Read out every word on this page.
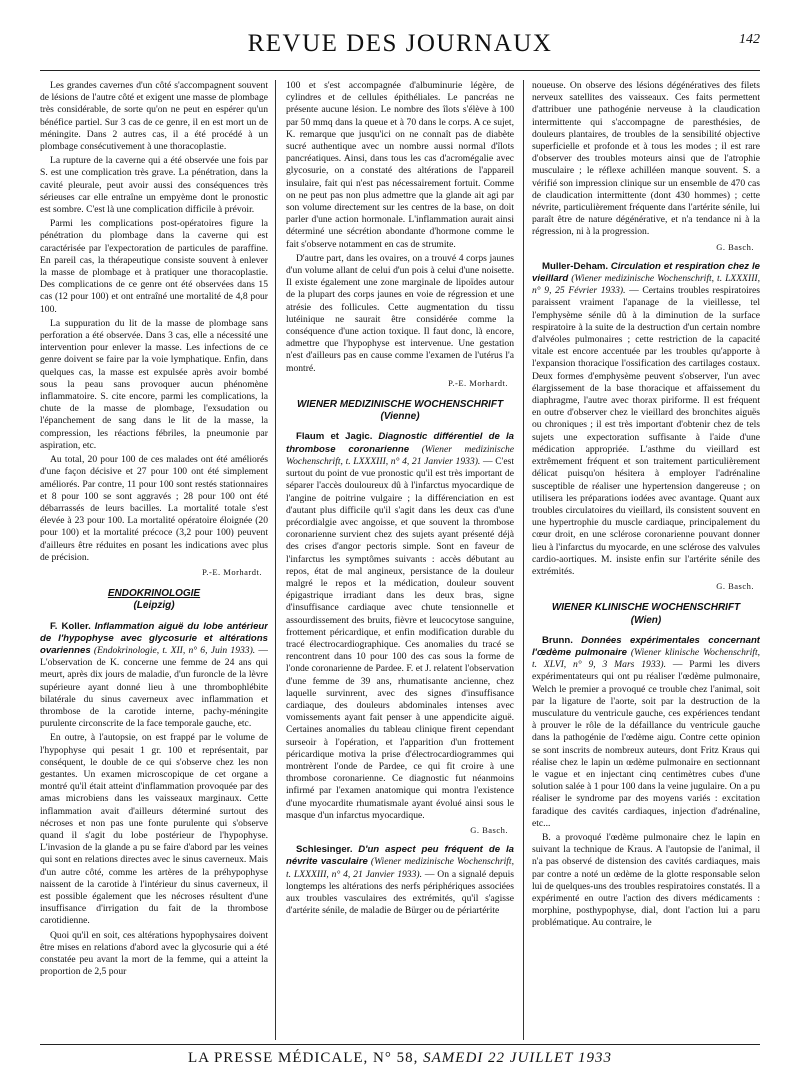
REVUE DES JOURNAUX	142

Les grandes cavernes d'un côté s'accompagnent souvent de lésions de l'autre côté et exigent une masse de plombage très considérable, de sorte qu'on ne peut en espérer qu'un bénéfice partiel. Sur 3 cas de ce genre, il en est mort un de méningite. Dans 2 autres cas, il a été procédé à un plombage consécutivement à une thoracoplastie.

La rupture de la caverne qui a été observée une fois par S. est une complication très grave. La pénétration, dans la cavité pleurale, peut avoir aussi des conséquences très sérieuses car elle entraîne un empyème dont le pronostic est sombre. C'est là une complication difficile à prévoir.

Parmi les complications post-opératoires figure la pénétration du plombage dans la caverne qui est caractérisée par l'expectoration de particules de paraffine. En pareil cas, la thérapeutique consiste souvent à enlever la masse de plombage et à pratiquer une thoracoplastie. Des complications de ce genre ont été observées dans 15 cas (12 pour 100) et ont entraîné une mortalité de 4,8 pour 100.

La suppuration du lit de la masse de plombage sans perforation a été observée. Dans 3 cas, elle a nécessité une intervention pour enlever la masse. Les infections de ce genre doivent se faire par la voie lymphatique. Enfin, dans quelques cas, la masse est expulsée après avoir bombé sous la peau sans provoquer aucun phénomène inflammatoire. S. cite encore, parmi les complications, la chute de la masse de plombage, l'exsudation ou l'épanchement de sang dans le lit de la masse, la compression, les réactions fébriles, la pneumonie par aspiration, etc.

Au total, 20 pour 100 de ces malades ont été améliorés d'une façon décisive et 27 pour 100 ont été simplement améliorés. Par contre, 11 pour 100 sont restés stationnaires et 8 pour 100 se sont aggravés ; 28 pour 100 ont été débarrassés de leurs bacilles. La mortalité totale s'est élevée à 23 pour 100. La mortalité opératoire éloignée (20 pour 100) et la mortalité précoce (3,2 pour 100) peuvent d'ailleurs être réduites en posant les indications avec plus de précision.

P.-E. Morhardt.
ENDOKRINOLOGIE
(Leipzig)

F. Koller. Inflammation aiguë du lobe antérieur de l'hypophyse avec glycosurie et altérations ovariennes (Endokrinologie, t. XII, n° 6, Juin 1933). — L'observation de K. concerne une femme de 24 ans qui meurt, après dix jours de maladie, d'un furoncle de la lèvre supérieure ayant donné lieu à une thrombophlébite bilatérale du sinus caverneux avec inflammation et thrombose de la carotide interne, pachy-méningite purulente circonscrite de la face temporale gauche, etc.

En outre, à l'autopsie, on est frappé par le volume de l'hypophyse qui pesait 1 gr. 100 et représentait, par conséquent, le double de ce qui s'observe chez les non gestantes. Un examen microscopique de cet organe a montré qu'il était atteint d'inflammation provoquée par des amas microbiens dans les vaisseaux marginaux. Cette inflammation avait d'ailleurs déterminé surtout des nécroses et non pas une fonte purulente qui s'observe quand il s'agit du lobe postérieur de l'hypophyse. L'invasion de la glande a pu se faire d'abord par les veines qui sont en relations directes avec le sinus caverneux. Mais d'un autre côté, comme les artères de la préhypophyse naissent de la carotide à l'intérieur du sinus caverneux, il est possible également que les nécroses résultent d'une insuffisance d'irrigation du fait de la thrombose carotidienne.

Quoi qu'il en soit, ces altérations hypophysaires doivent être mises en relations d'abord avec la glycosurie qui a été constatée peu avant la mort de la femme, qui a atteint la proportion de 2,5 pour

100 et s'est accompagnée d'albuminurie légère, de cylindres et de cellules épithéliales. Le pancréas ne présente aucune lésion. Le nombre des îlots s'élève à 100 par 50 mmq dans la queue et à 70 dans le corps. A ce sujet, K. remarque que jusqu'ici on ne connaît pas de diabète sucré authentique avec un nombre aussi normal d'îlots pancréatiques. Ainsi, dans tous les cas d'acromégalie avec glycosurie, on a constaté des altérations de l'appareil insulaire, fait qui n'est pas nécessairement fortuit. Comme on ne peut pas non plus admettre que la glande ait agi par son volume directement sur les centres de la base, on doit parler d'une action hormonale. L'inflammation aurait ainsi déterminé une sécrétion abondante d'hormone comme le fait s'observe notamment en cas de strumite.

D'autre part, dans les ovaires, on a trouvé 4 corps jaunes d'un volume allant de celui d'un pois à celui d'une noisette. Il existe également une zone marginale de lipoïdes autour de la plupart des corps jaunes en voie de régression et une atrésie des follicules. Cette augmentation du tissu lutéinique ne saurait être considérée comme la conséquence d'une action toxique. Il faut donc, là encore, admettre que l'hypophyse est intervenue. Une gestation n'est d'ailleurs pas en cause comme l'examen de l'utérus l'a montré.

P.-E. Morhardt.
WIENER MEDIZINISCHE WOCHENSCHRIFT
(Vienne)

Flaum et Jagic. Diagnostic différentiel de la thrombose coronarienne (Wiener medizinische Wochenschrift, t. LXXXIII, n° 4, 21 Janvier 1933). — C'est surtout du point de vue pronostic qu'il est très important de séparer l'accès douloureux dû à l'infarctus myocardique de l'angine de poitrine vulgaire ; la différenciation en est d'autant plus difficile qu'il s'agit dans les deux cas d'une précordialgie avec angoisse, et que souvent la thrombose coronarienne survient chez des sujets ayant présenté déjà des crises d'angor pectoris simple. Sont en faveur de l'infarctus les symptômes suivants : accès débutant au repos, état de mal angineux, persistance de la douleur malgré le repos et la médication, douleur souvent épigastrique irradiant dans les deux bras, signe d'insuffisance cardiaque avec chute tensionnelle et assourdissement des bruits, fièvre et leucocytose sanguine, frottement péricardique, et enfin modification durable du tracé électrocardiographique. Ces anomalies du tracé se rencontrent dans 10 pour 100 des cas sous la forme de l'onde coronarienne de Pardee. F. et J. relatent l'observation d'une femme de 39 ans, rhumatisante ancienne, chez laquelle survinrent, avec des signes d'insuffisance cardiaque, des douleurs abdominales intenses avec vomissements ayant fait penser à une appendicite aiguë. Certaines anomalies du tableau clinique firent cependant surseoir à l'opération, et l'apparition d'un frottement péricardique motiva la prise d'électrocardiogrammes qui montrèrent l'onde de Pardee, ce qui fit croire à une thrombose coronarienne. Ce diagnostic fut néanmoins infirmé par l'examen anatomique qui montra l'existence d'une myocardite rhumatismale ayant évolué ainsi sous le masque d'un infarctus myocardique.

G. Basch.

Schlesinger. D'un aspect peu fréquent de la névrite vasculaire (Wiener medizinische Wochenschrift, t. LXXXIII, n° 4, 21 Janvier 1933). — On a signalé depuis longtemps les altérations des nerfs périphériques associées aux troubles vasculaires des extrémités, qu'il s'agisse d'artérite sénile, de maladie de Bürger ou de périartérite

noueuse. On observe des lésions dégénératives des filets nerveux satellites des vaisseaux. Ces faits permettent d'attribuer une pathogénie nerveuse à la claudication intermittente qui s'accompagne de paresthésies, de douleurs plantaires, de troubles de la sensibilité objective superficielle et profonde et à tous les modes ; il est rare d'observer des troubles moteurs ainsi que de l'atrophie musculaire ; le réflexe achilléen manque souvent. S. a vérifié son impression clinique sur un ensemble de 470 cas de claudication intermittente (dont 430 hommes) ; cette névrite, particulièrement fréquente dans l'artérite sénile, lui paraît être de nature dégénérative, et n'a tendance ni à la régression, ni à la progression.

G. Basch.

Muller-Deham. Circulation et respiration chez le vieillard (Wiener medizinische Wochenschrift, t. LXXXIII, n° 9, 25 Février 1933). — Certains troubles respiratoires paraissent vraiment l'apanage de la vieillesse, tel l'emphysème sénile dû à la diminution de la surface respiratoire à la suite de la destruction d'un certain nombre d'alvéoles pulmonaires ; cette restriction de la capacité vitale est encore accentuée par les troubles qu'apporte à l'expansion thoracique l'ossification des cartilages costaux. Deux formes d'emphysème peuvent s'observer, l'un avec élargissement de la base thoracique et affaissement du diaphragme, l'autre avec thorax piriforme. Il est fréquent en outre d'observer chez le vieillard des bronchites aiguës ou chroniques ; il est très important d'obtenir chez de tels sujets une expectoration suffisante à l'aide d'une médication appropriée. L'asthme du vieillard est extrêmement fréquent et son traitement particulièrement délicat puisqu'on hésitera à employer l'adrénaline susceptible de réaliser une hypertension dangereuse ; on utilisera les préparations iodées avec avantage. Quant aux troubles circulatoires du vieillard, ils consistent souvent en une hypertrophie du muscle cardiaque, principalement du cœur droit, en une sclérose coronarienne pouvant donner lieu à l'infarctus du myocarde, en une sclérose des valvules cardio-aortiques. M. insiste enfin sur l'artérite sénile des extrémités.

G. Basch.
WIENER KLINISCHE WOCHENSCHRIFT
(Wien)

Brunn. Données expérimentales concernant l'œdème pulmonaire (Wiener klinische Wochenschrift, t. XLVI, n° 9, 3 Mars 1933). — Parmi les divers expérimentateurs qui ont pu réaliser l'œdème pulmonaire, Welch le premier a provoqué ce trouble chez l'animal, soit par la ligature de l'aorte, soit par la destruction de la musculature du ventricule gauche, ces expériences tendant à prouver le rôle de la défaillance du ventricule gauche dans la pathogénie de l'œdème aigu. Contre cette opinion se sont inscrits de nombreux auteurs, dont Fritz Kraus qui réalise chez le lapin un œdème pulmonaire en sectionnant le vague et en injectant cinq centimètres cubes d'une solution salée à 1 pour 100 dans la veine jugulaire. On a pu réaliser le syndrome par des moyens variés : excitation faradique des cavités cardiaques, injection d'adrénaline, etc...

B. a provoqué l'œdème pulmonaire chez le lapin en suivant la technique de Kraus. A l'autopsie de l'animal, il n'a pas observé de distension des cavités cardiaques, mais par contre a noté un œdème de la glotte responsable selon lui de quelques-uns des troubles respiratoires constatés. Il a expérimenté en outre l'action des divers médicaments : morphine, posthypophyse, dial, dont l'action lui a paru problématique. Au contraire, le

LA PRESSE MÉDICALE, N° 58, SAMEDI 22 JUILLET 1933
